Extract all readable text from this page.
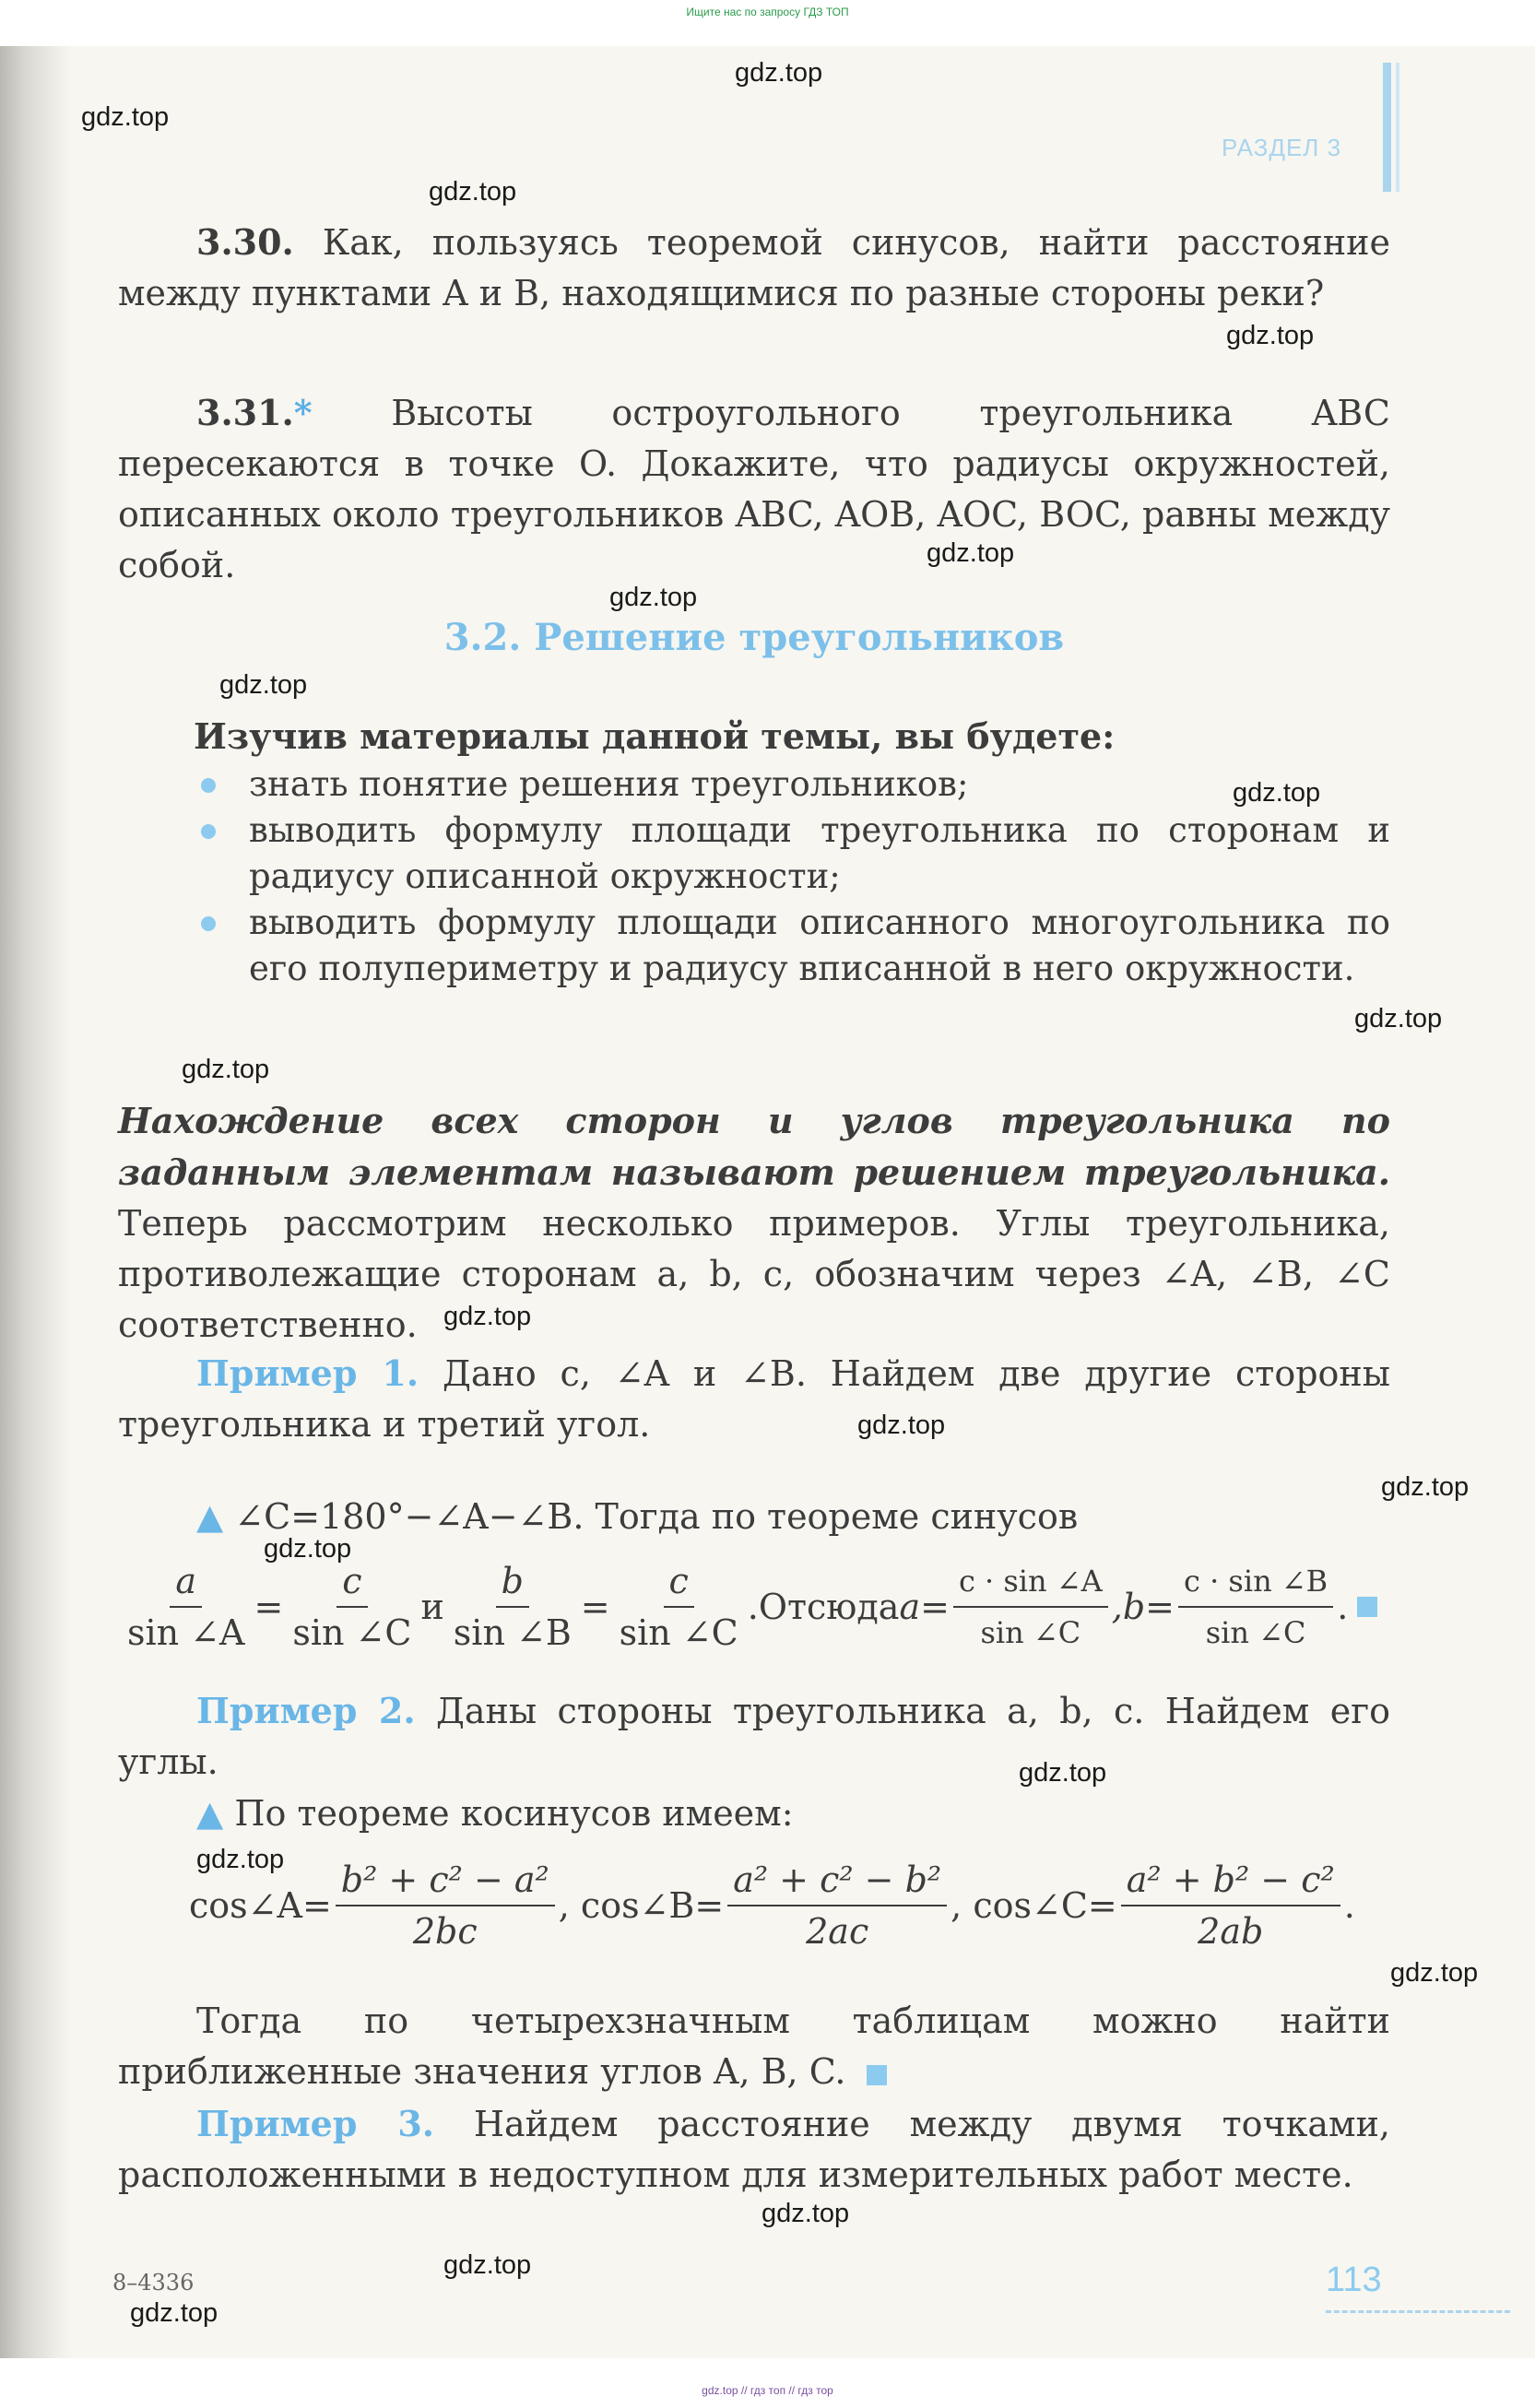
Ищите нас по запросу ГДЗ ТОП
РАЗДЕЛ 3
3.30. Как, пользуясь теоремой синусов, найти расстояние между пунктами A и B, находящимися по разные стороны реки?
3.31.* Высоты остроугольного треугольника ABC пересекаются в точке O. Докажите, что радиусы окружностей, описанных около треугольников ABC, AOB, AOC, BOC, равны между собой.
3.2. Решение треугольников
Изучив материалы данной темы, вы будете:
знать понятие решения треугольников;
выводить формулу площади треугольника по сторонам и радиусу описанной окружности;
выводить формулу площади описанного многоугольника по его полупериметру и радиусу вписанной в него окружности.
Нахождение всех сторон и углов треугольника по заданным элементам называют решением треугольника. Теперь рассмотрим несколько примеров. Углы треугольника, противолежащие сторонам a, b, c, обозначим через ∠A, ∠B, ∠C соответственно.
Пример 1. Дано c, ∠A и ∠B. Найдем две другие стороны треугольника и третий угол.
▲ ∠C=180°−∠A−∠B. Тогда по теореме синусов
$\frac{a}{\sin \angle A} = \frac{c}{\sin \angle C}$ и $\frac{b}{\sin \angle B} = \frac{c}{\sin \angle C}$ .Отсюда $a= \frac{c \cdot \sin \angle A}{\sin \angle C} ,b= \frac{c \cdot \sin \angle B}{\sin \angle C}$ .
Пример 2. Даны стороны треугольника a, b, c. Найдем его углы.
▲ По теореме косинусов имеем:
cos∠A= $\frac{\text{b² + c² − a²}}{2bc}$ , cos∠B= $\frac{\text{a² + c² − b²}}{2ac}$ , cos∠C= $\frac{\text{a² + b² − c²}}{2ab}$ .
Тогда по четырехзначным таблицам можно найти приближенные значения углов A, B, C.
Пример 3. Найдем расстояние между двумя точками, расположенными в недоступном для измерительных работ месте.
8–4336	113
gdz.top
gdz.top
gdz.top
gdz.top
gdz.top
gdz.top
gdz.top
gdz.top
gdz.top
gdz.top
gdz.top
gdz.top
gdz.top
gdz.top
gdz.top
gdz.top
gdz.top
gdz.top
gdz.top
gdz.top
gdz.top // гдз топ // гдз тор
